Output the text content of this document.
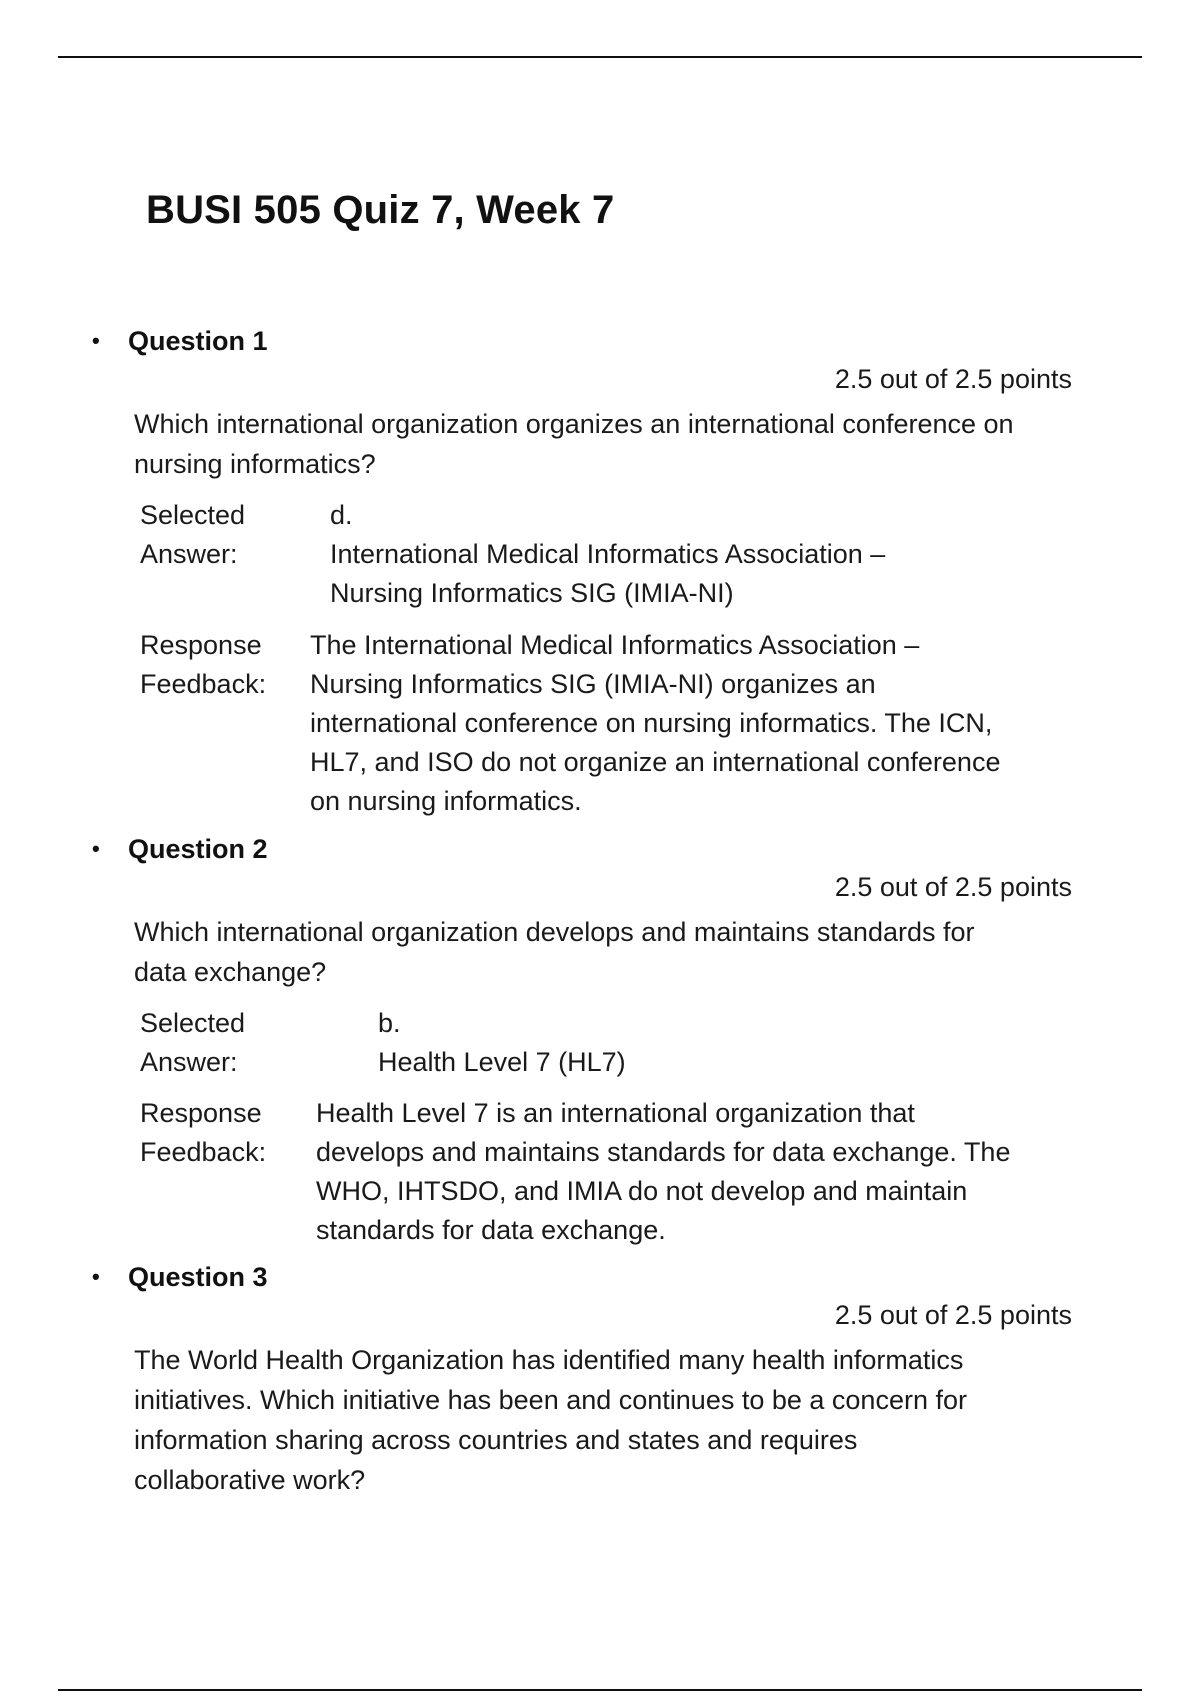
BUSI 505 Quiz 7, Week 7
• Question 1
2.5 out of 2.5 points

Which international organization organizes an international conference on nursing informatics?

Selected Answer:
d.
International Medical Informatics Association – Nursing Informatics SIG (IMIA-NI)
Response Feedback:
The International Medical Informatics Association – Nursing Informatics SIG (IMIA-NI) organizes an international conference on nursing informatics. The ICN, HL7, and ISO do not organize an international conference on nursing informatics.
• Question 2
2.5 out of 2.5 points

Which international organization develops and maintains standards for data exchange?

Selected Answer:
b.
Health Level 7 (HL7)
Response Feedback:
Health Level 7 is an international organization that develops and maintains standards for data exchange. The WHO, IHTSDO, and IMIA do not develop and maintain standards for data exchange.
• Question 3
2.5 out of 2.5 points

The World Health Organization has identified many health informatics initiatives. Which initiative has been and continues to be a concern for information sharing across countries and states and requires collaborative work?
